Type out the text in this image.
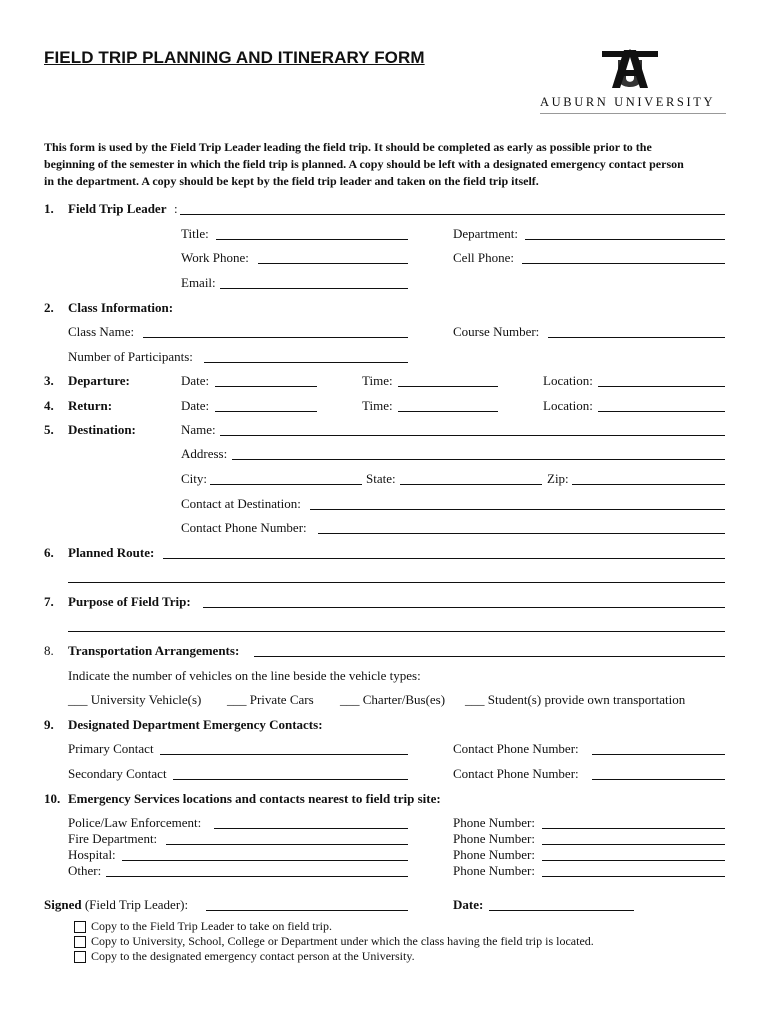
FIELD TRIP PLANNING AND ITINERARY FORM
AUBURN UNIVERSITY

This form is used by the Field Trip Leader leading the field trip. It should be completed as early as possible prior to the

beginning of the semester in which the field trip is planned. A copy should be left with a designated emergency contact person

in the department. A copy should be kept by the field trip leader and taken on the field trip itself.

1. Field Trip Leader :
Title:	Department:
Work Phone:	Cell Phone:
Email:
2. Class Information:
Class Name:	Course Number:
Number of Participants:
3. Departure:	Date:	Time:	Location:
4. Return:	Date:	Time:	Location:
5. Destination:	Name:
Address:
City:	State:	Zip:
Contact at Destination:
Contact Phone Number:
6. Planned Route:
7. Purpose of Field Trip:
8. Transportation Arrangements:
Indicate the number of vehicles on the line beside the vehicle types:
___ University Vehicle(s) ___ Private Cars ___ Charter/Bus(es) ___ Student(s) provide own transportation
9. Designated Department Emergency Contacts:
Primary Contact	Contact Phone Number:
Secondary Contact	Contact Phone Number:
10. Emergency Services locations and contacts nearest to field trip site:
Police/Law Enforcement:	Phone Number:
Fire Department:	Phone Number:
Hospital:	Phone Number:
Other:	Phone Number:
Signed (Field Trip Leader):	Date:
Copy to the Field Trip Leader to take on field trip.
Copy to University, School, College or Department under which the class having the field trip is located.
Copy to the designated emergency contact person at the University.
